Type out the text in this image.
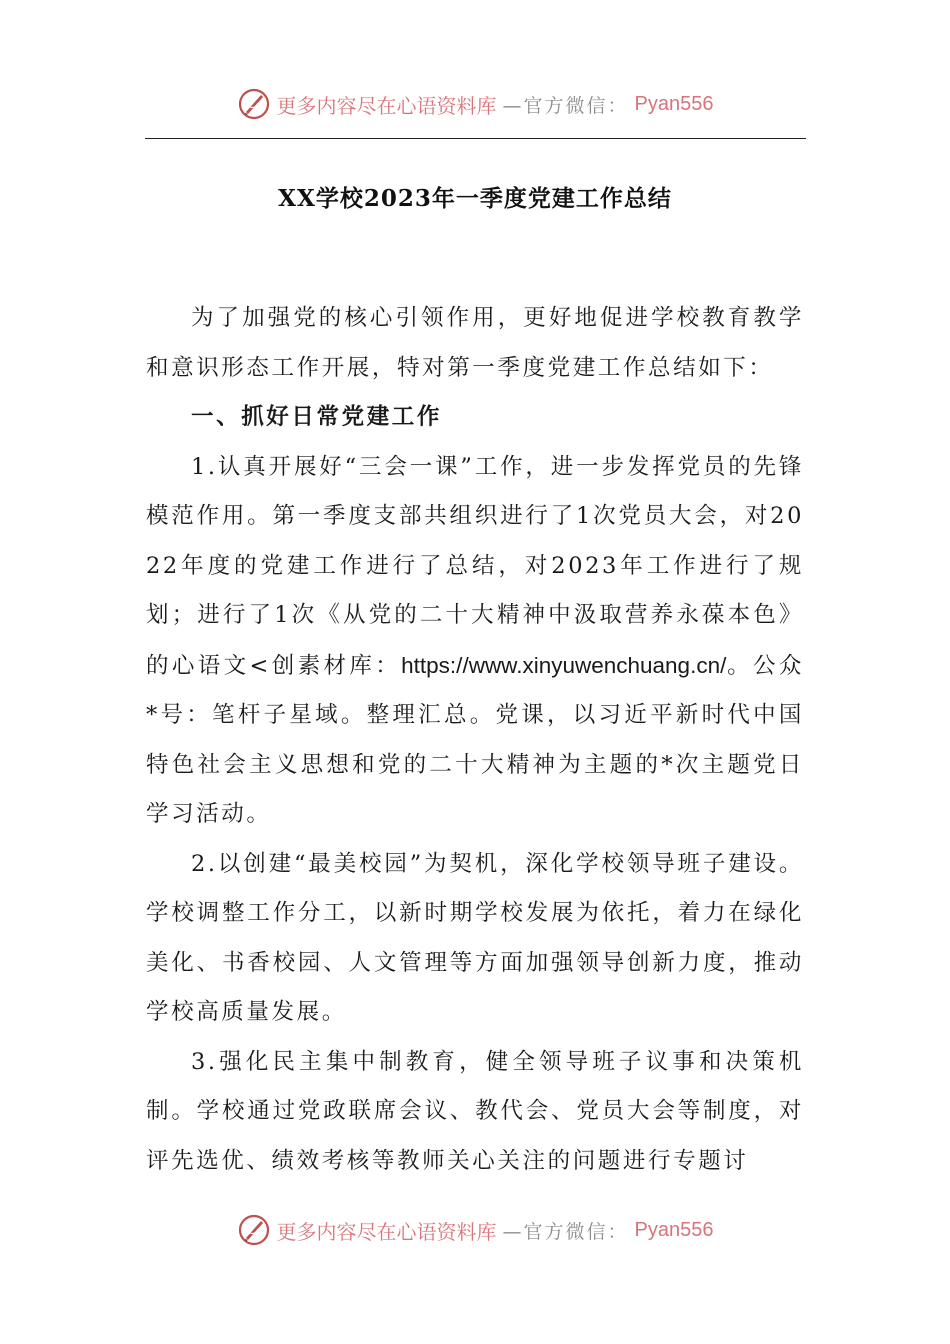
更多内容尽在心语资料库 —官方微信： Pyan556
XX学校2023年一季度党建工作总结

为了加强党的核心引领作用，更好地促进学校教育教学和意识形态工作开展，特对第一季度党建工作总结如下：

一、抓好日常党建工作

1.认真开展好“三会一课”工作，进一步发挥党员的先锋模范作用。第一季度支部共组织进行了1次党员大会，对2022年度的党建工作进行了总结，对2023年工作进行了规划；进行了1次《从党的二十大精神中汲取营养永葆本色》的心语文<创素材库：https://www.xinyuwenchuang.cn/。公众*号：笔杆子星域。整理汇总。党课，以习近平新时代中国特色社会主义思想和党的二十大精神为主题的*次主题党日学习活动。

2.以创建“最美校园”为契机，深化学校领导班子建设。学校调整工作分工，以新时期学校发展为依托，着力在绿化美化、书香校园、人文管理等方面加强领导创新力度，推动学校高质量发展。

3.强化民主集中制教育，健全领导班子议事和决策机制。学校通过党政联席会议、教代会、党员大会等制度，对评先选优、绩效考核等教师关心关注的问题进行专题讨

更多内容尽在心语资料库 —官方微信： Pyan556
